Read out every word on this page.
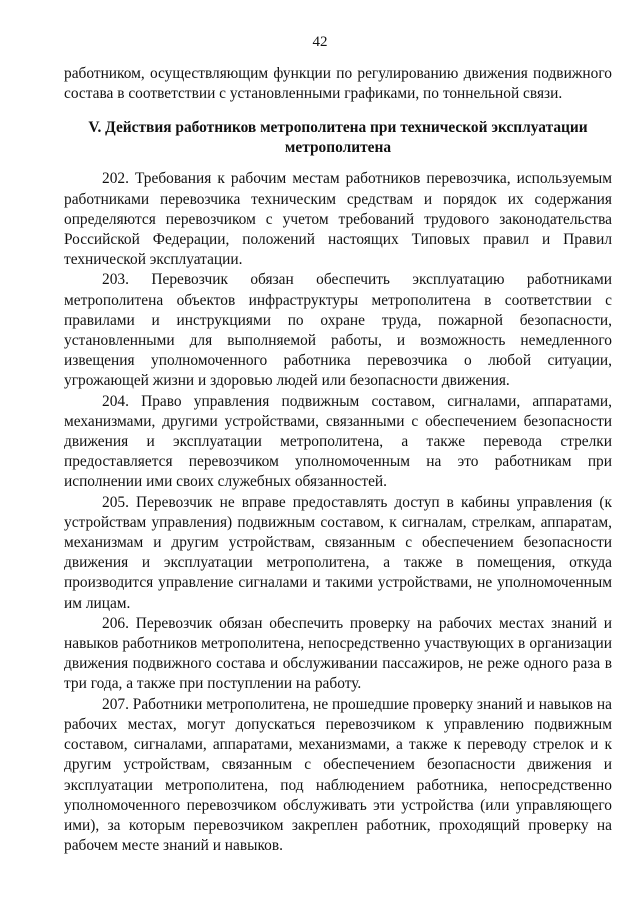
42

работником, осуществляющим функции по регулированию движения подвижного состава в соответствии с установленными графиками, по тоннельной связи.

V. Действия работников метрополитена при технической эксплуатации метрополитена

202. Требования к рабочим местам работников перевозчика, используемым работниками перевозчика техническим средствам и порядок их содержания определяются перевозчиком с учетом требований трудового законодательства Российской Федерации, положений настоящих Типовых правил и Правил технической эксплуатации.

203. Перевозчик обязан обеспечить эксплуатацию работниками метрополитена объектов инфраструктуры метрополитена в соответствии с правилами и инструкциями по охране труда, пожарной безопасности, установленными для выполняемой работы, и возможность немедленного извещения уполномоченного работника перевозчика о любой ситуации, угрожающей жизни и здоровью людей или безопасности движения.

204. Право управления подвижным составом, сигналами, аппаратами, механизмами, другими устройствами, связанными с обеспечением безопасности движения и эксплуатации метрополитена, а также перевода стрелки предоставляется перевозчиком уполномоченным на это работникам при исполнении ими своих служебных обязанностей.

205. Перевозчик не вправе предоставлять доступ в кабины управления (к устройствам управления) подвижным составом, к сигналам, стрелкам, аппаратам, механизмам и другим устройствам, связанным с обеспечением безопасности движения и эксплуатации метрополитена, а также в помещения, откуда производится управление сигналами и такими устройствами, не уполномоченным им лицам.

206. Перевозчик обязан обеспечить проверку на рабочих местах знаний и навыков работников метрополитена, непосредственно участвующих в организации движения подвижного состава и обслуживании пассажиров, не реже одного раза в три года, а также при поступлении на работу.

207. Работники метрополитена, не прошедшие проверку знаний и навыков на рабочих местах, могут допускаться перевозчиком к управлению подвижным составом, сигналами, аппаратами, механизмами, а также к переводу стрелок и к другим устройствам, связанным с обеспечением безопасности движения и эксплуатации метрополитена, под наблюдением работника, непосредственно уполномоченного перевозчиком обслуживать эти устройства (или управляющего ими), за которым перевозчиком закреплен работник, проходящий проверку на рабочем месте знаний и навыков.
